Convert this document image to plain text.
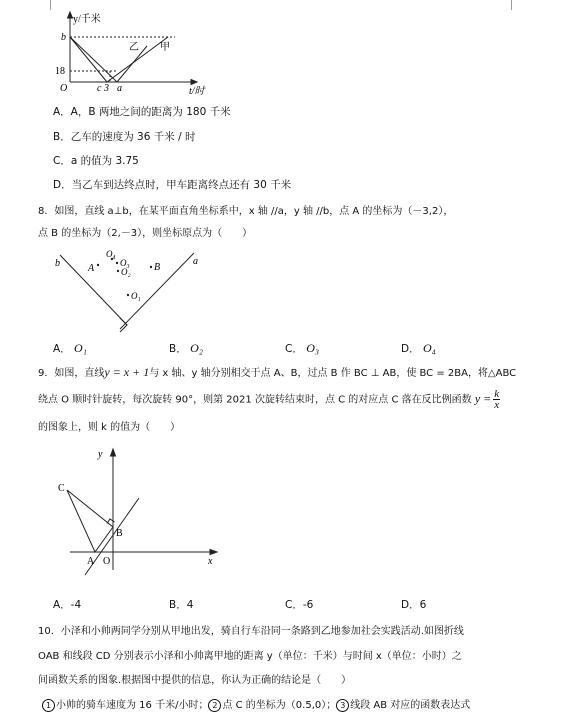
y/千米
b
18
O	c 3 a	t/时
乙 甲
A．A，B 两地之间的距离为 180 千米
B．乙车的速度为 36 千米 / 时
C．a 的值为 3.75
D．当乙车到达终点时，甲车距离终点还有 30 千米
8．如图，直线 a⊥b，在某平面直角坐标系中，x 轴 //a，y 轴 //b，点 A 的坐标为（－3,2），
点 B 的坐标为（2,－3），则坐标原点为（　　）
b	a
A
O₄
O₃
O₂ B
O₁
A． O₁	B． O₂	C． O₃	D． O₄
9．如图，直线y = x + 1与 x 轴、y 轴分别相交于点 A、B，过点 B 作 BC ⊥ AB，使 BC = 2BA，将△ABC
绕点 O 顺时针旋转，每次旋转 90°，则第 2021 次旋转结束时，点 C 的对应点 C 落在反比例函数 $y = \frac{k}{x}$
的图象上，则 k 的值为（　　）
y
C
B
A O	x
A．-4	B．4	C．-6	D．6
10．小泽和小帅两同学分别从甲地出发，骑自行车沿同一条路到乙地参加社会实践活动.如图折线
OAB 和线段 CD 分别表示小泽和小帅离甲地的距离 y（单位：千米）与时间 x（单位：小时）之
间函数关系的图象.根据图中提供的信息，你认为正确的结论是（　　）
1 小帅的骑车速度为 16 千米/小时； 2 点 C 的坐标为（0.5,0）； 3 线段 AB 对应的函数表达式
